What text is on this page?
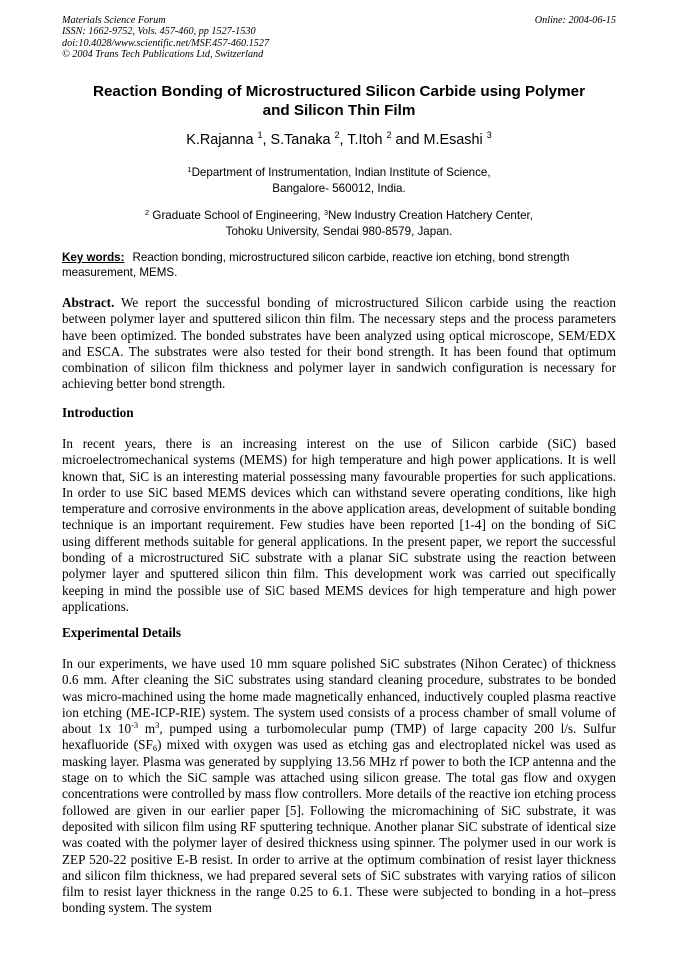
Materials Science Forum
ISSN: 1662-9752, Vols. 457-460, pp 1527-1530
doi:10.4028/www.scientific.net/MSF.457-460.1527
© 2004 Trans Tech Publications Ltd, Switzerland
Online: 2004-06-15
Reaction Bonding of Microstructured Silicon Carbide using Polymer
and Silicon Thin Film
K.Rajanna $^1$, S.Tanaka $^2$, T.Itoh $^2$ and M.Esashi $^3$
$^1$Department of Instrumentation, Indian Institute of Science,
Bangalore- 560012, India.
$^2$ Graduate School of Engineering, $^3$New Industry Creation Hatchery Center,
Tohoku University, Sendai 980-8579, Japan.
Key words: Reaction bonding, microstructured silicon carbide, reactive ion etching, bond strength measurement, MEMS.
Abstract. We report the successful bonding of microstructured Silicon carbide using the reaction between polymer layer and sputtered silicon thin film. The necessary steps and the process parameters have been optimized. The bonded substrates have been analyzed using optical microscope, SEM/EDX and ESCA. The substrates were also tested for their bond strength. It has been found that optimum combination of silicon film thickness and polymer layer in sandwich configuration is necessary for achieving better bond strength.
Introduction
In recent years, there is an increasing interest on the use of Silicon carbide (SiC) based microelectromechanical systems (MEMS) for high temperature and high power applications. It is well known that, SiC is an interesting material possessing many favourable properties for such applications. In order to use SiC based MEMS devices which can withstand severe operating conditions, like high temperature and corrosive environments in the above application areas, development of suitable bonding technique is an important requirement. Few studies have been reported [1-4] on the bonding of SiC using different methods suitable for general applications. In the present paper, we report the successful bonding of a microstructured SiC substrate with a planar SiC substrate using the reaction between polymer layer and sputtered silicon thin film. This development work was carried out specifically keeping in mind the possible use of SiC based MEMS devices for high temperature and high power applications.
Experimental Details
In our experiments, we have used 10 mm square polished SiC substrates (Nihon Ceratec) of thickness 0.6 mm. After cleaning the SiC substrates using standard cleaning procedure, substrates to be bonded was micro-machined using the home made magnetically enhanced, inductively coupled plasma reactive ion etching (ME-ICP-RIE) system. The system used consists of a process chamber of small volume of about 1x $10^{-3}$ $m^3$, pumped using a turbomolecular pump (TMP) of large capacity 200 l/s. Sulfur hexafluoride $(SF_6)$ mixed with oxygen was used as etching gas and electroplated nickel was used as masking layer. Plasma was generated by supplying 13.56 MHz rf power to both the ICP antenna and the stage on to which the SiC sample was attached using silicon grease. The total gas flow and oxygen concentrations were controlled by mass flow controllers. More details of the reactive ion etching process followed are given in our earlier paper [5]. Following the micromachining of SiC substrate, it was deposited with silicon film using RF sputtering technique. Another planar SiC substrate of identical size was coated with the polymer layer of desired thickness using spinner. The polymer used in our work is ZEP 520-22 positive E-B resist. In order to arrive at the optimum combination of resist layer thickness and silicon film thickness, we had prepared several sets of SiC substrates with varying ratios of silicon film to resist layer thickness in the range 0.25 to 6.1. These were subjected to bonding in a hot–press bonding system. The system
